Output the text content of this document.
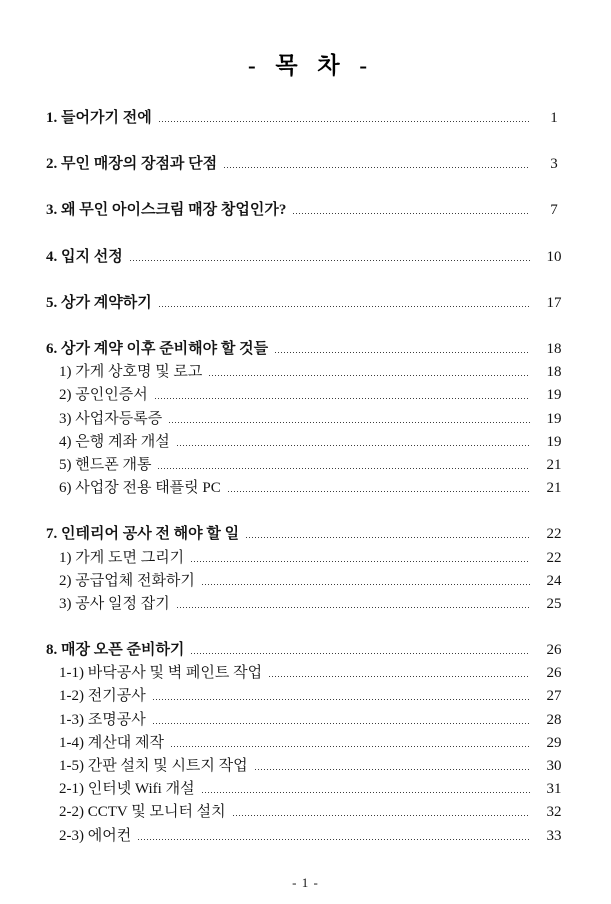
- 목 차 -
1. 들어가기 전에	1
2. 무인 매장의 장점과 단점	3
3. 왜 무인 아이스크림 매장 창업인가?	7
4. 입지 선정	10
5. 상가 계약하기	17
6. 상가 계약 이후 준비해야 할 것들	18
1) 가게 상호명 및 로고	18
2) 공인인증서	19
3) 사업자등록증	19
4) 은행 계좌 개설	19
5) 핸드폰 개통	21
6) 사업장 전용 태플릿 PC	21
7. 인테리어 공사 전 해야 할 일	22
1) 가게 도면 그리기	22
2) 공급업체 전화하기	24
3) 공사 일정 잡기	25
8. 매장 오픈 준비하기	26
1-1) 바닥공사 및 벽 페인트 작업	26
1-2) 전기공사	27
1-3) 조명공사	28
1-4) 계산대 제작	29
1-5) 간판 설치 및 시트지 작업	30
2-1) 인터넷 Wifi 개설	31
2-2) CCTV 및 모니터 설치	32
2-3) 에어컨	33
- 1 -
